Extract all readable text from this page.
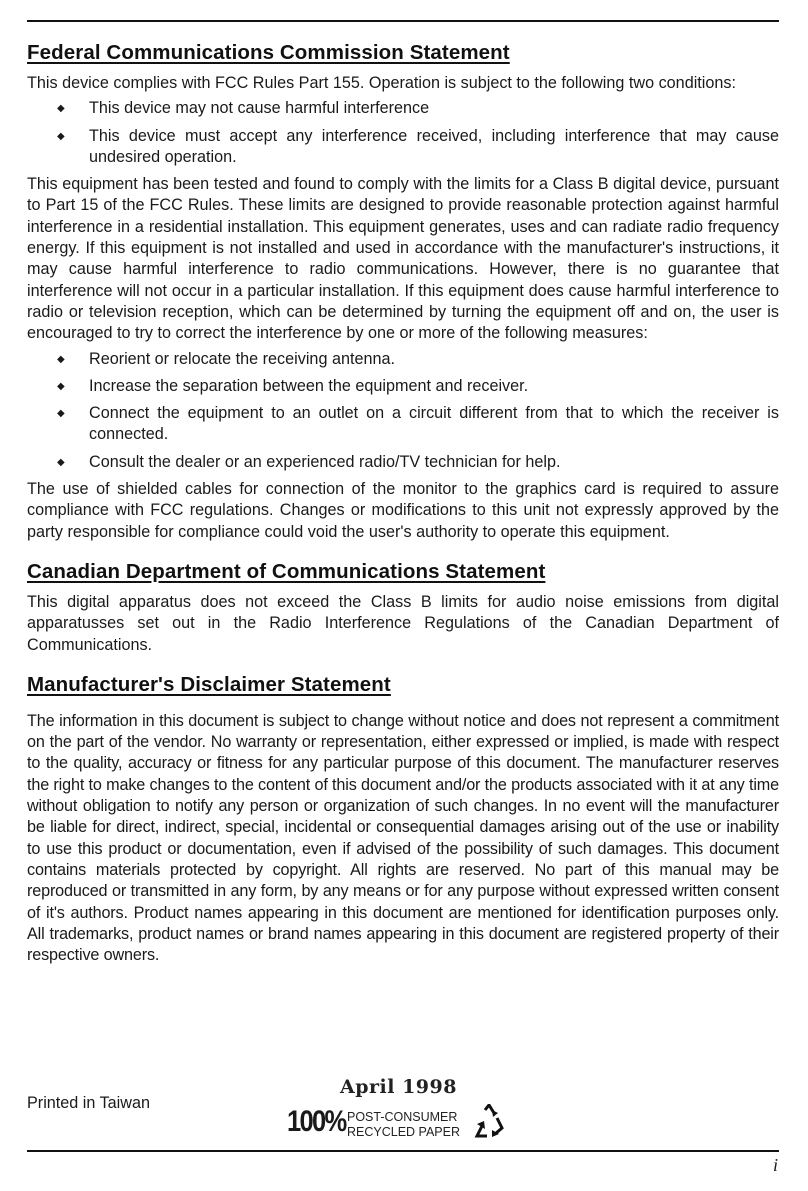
Federal Communications Commission Statement

This device complies with FCC Rules Part 155. Operation is subject to the following two conditions:

◆ This device may not cause harmful interference
◆ This device must accept any interference received, including interference that may cause undesired operation.

This equipment has been tested and found to comply with the limits for a Class B digital device, pursuant to Part 15 of the FCC Rules. These limits are designed to provide reasonable protection against harmful interference in a residential installation. This equipment generates, uses and can radiate radio frequency energy. If this equipment is not installed and used in accordance with the manufacturer's instructions, it may cause harmful interference to radio communications. However, there is no guarantee that interference will not occur in a particular installation. If this equipment does cause harmful interference to radio or television reception, which can be determined by turning the equipment off and on, the user is encouraged to try to correct the interference by one or more of the following measures:

◆ Reorient or relocate the receiving antenna.
◆ Increase the separation between the equipment and receiver.
◆ Connect the equipment to an outlet on a circuit different from that to which the receiver is connected.
◆ Consult the dealer or an experienced radio/TV technician for help.

The use of shielded cables for connection of the monitor to the graphics card is required to assure compliance with FCC regulations. Changes or modifications to this unit not expressly approved by the party responsible for compliance could void the user's authority to operate this equipment.

Canadian Department of Communications Statement

This digital apparatus does not exceed the Class B limits for audio noise emissions from digital apparatusses set out in the Radio Interference Regulations of the Canadian Department of Communications.

Manufacturer's Disclaimer Statement

The information in this document is subject to change without notice and does not represent a commitment on the part of the vendor. No warranty or representation, either expressed or implied, is made with respect to the quality, accuracy or fitness for any particular purpose of this document. The manufacturer reserves the right to make changes to the content of this document and/or the products associated with it at any time without obligation to notify any person or organization of such changes. In no event will the manufacturer be liable for direct, indirect, special, incidental or consequential damages arising out of the use or inability to use this product or documentation, even if advised of the possibility of such damages. This document contains materials protected by copyright. All rights are reserved. No part of this manual may be reproduced or transmitted in any form, by any means or for any purpose without expressed written consent of it's authors. Product names appearing in this document are mentioned for identification purposes only. All trademarks, product names or brand names appearing in this document are registered property of their respective owners.

Printed in Taiwan
April 1998
100% POST-CONSUMER
RECYCLED PAPER
i
